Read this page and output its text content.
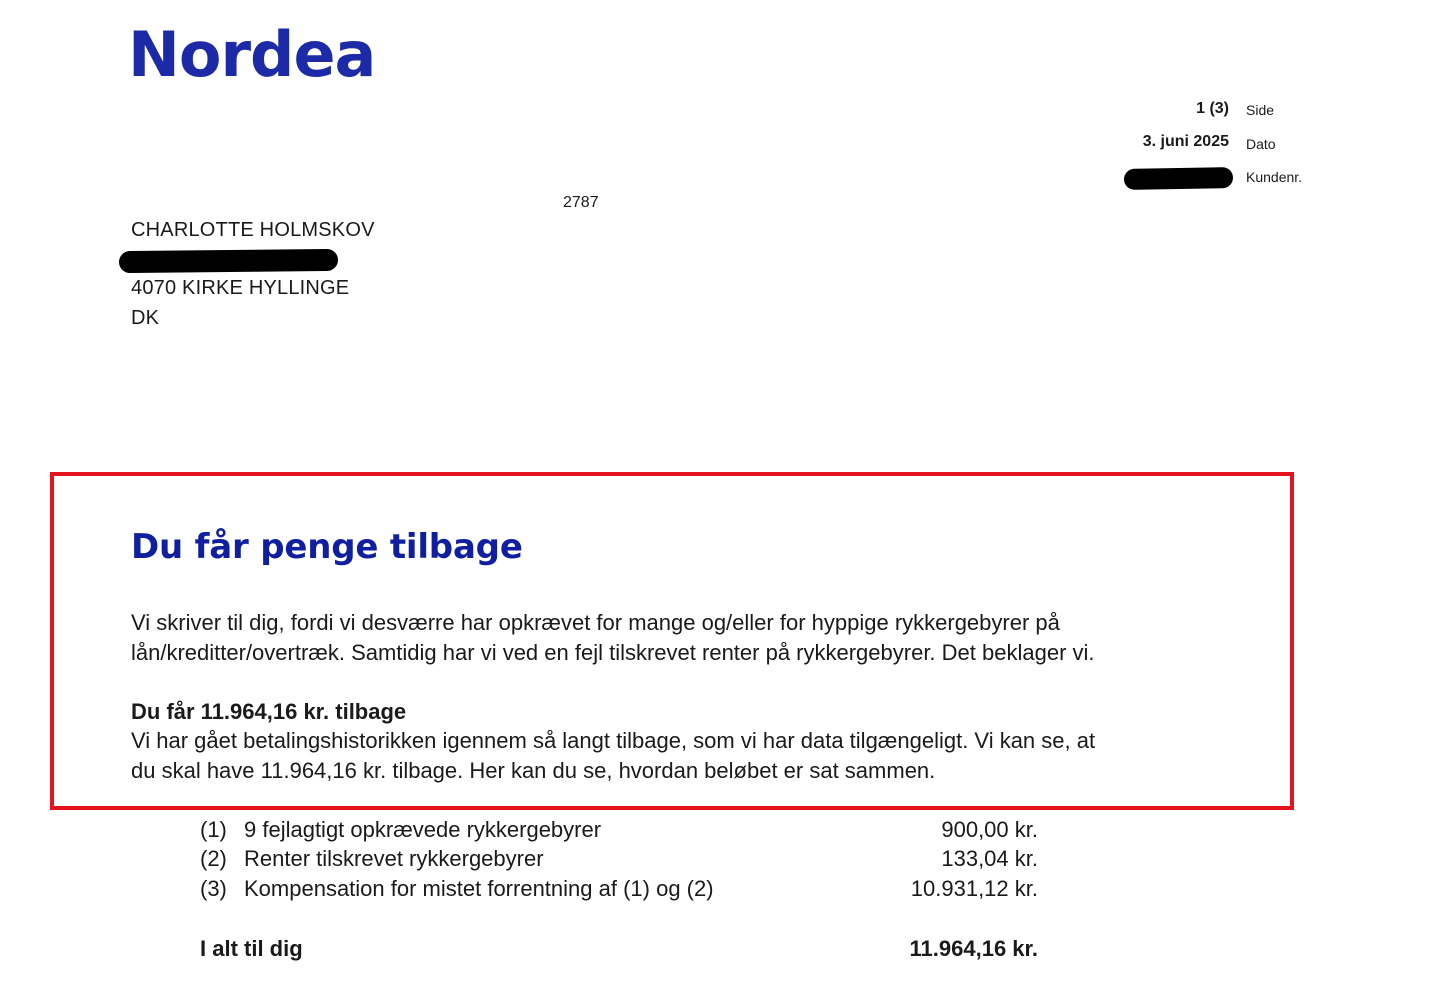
Nordea
1 (3) Side
3. juni 2025 Dato
Kundenr.
2787
CHARLOTTE HOLMSKOV
4070 KIRKE HYLLINGE
DK
Du får penge tilbage
Vi skriver til dig, fordi vi desværre har opkrævet for mange og/eller for hyppige rykkergebyrer på
lån/kreditter/overtræk. Samtidig har vi ved en fejl tilskrevet renter på rykkergebyrer. Det beklager vi.
Du får 11.964,16 kr. tilbage
Vi har gået betalingshistorikken igennem så langt tilbage, som vi har data tilgængeligt. Vi kan se, at
du skal have 11.964,16 kr. tilbage. Her kan du se, hvordan beløbet er sat sammen.
(1) 9 fejlagtigt opkrævede rykkergebyrer	900,00 kr.
(2) Renter tilskrevet rykkergebyrer	133,04 kr.
(3) Kompensation for mistet forrentning af (1) og (2)	10.931,12 kr.
I alt til dig	11.964,16 kr.
